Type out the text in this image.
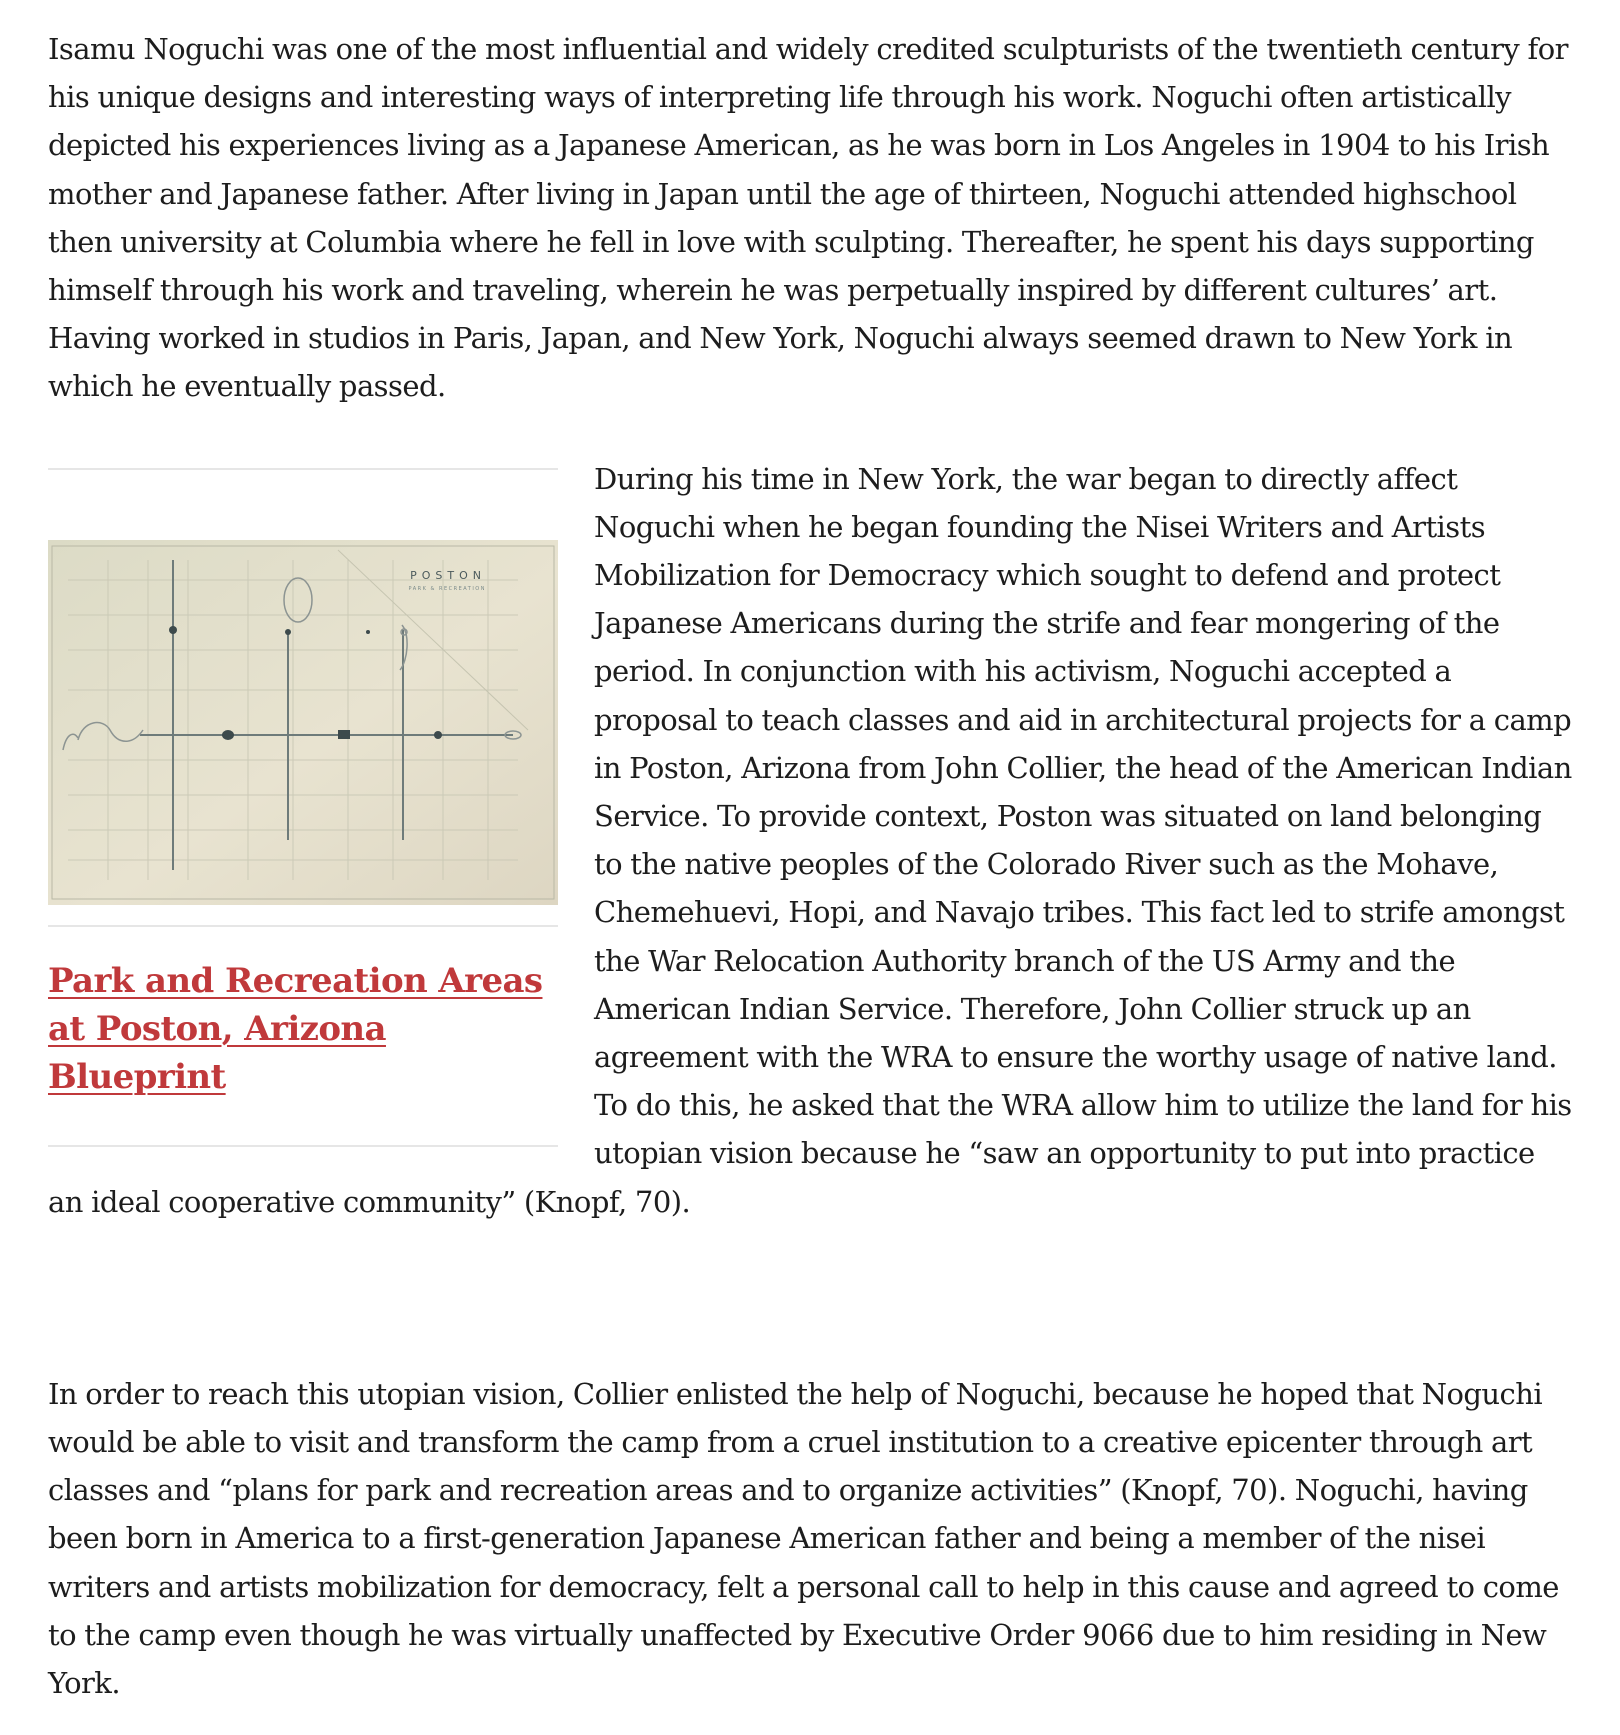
Isamu Noguchi was one of the most influential and widely credited sculpturists of the twentieth century for his unique designs and interesting ways of interpreting life through his work. Noguchi often artistically depicted his experiences living as a Japanese American, as he was born in Los Angeles in 1904 to his Irish mother and Japanese father. After living in Japan until the age of thirteen, Noguchi attended highschool then university at Columbia where he fell in love with sculpting. Thereafter, he spent his days supporting himself through his work and traveling, wherein he was perpetually inspired by different cultures’ art. Having worked in studios in Paris, Japan, and New York, Noguchi always seemed drawn to New York in which he eventually passed.

POSTON
PARK & RECREATION
Park and Recreation Areas at Poston, Arizona Blueprint

During his time in New York, the war began to directly affect Noguchi when he began founding the Nisei Writers and Artists Mobilization for Democracy which sought to defend and protect Japanese Americans during the strife and fear mongering of the period. In conjunction with his activism, Noguchi accepted a proposal to teach classes and aid in architectural projects for a camp in Poston, Arizona from John Collier, the head of the American Indian Service. To provide context, Poston was situated on land belonging to the native peoples of the Colorado River such as the Mohave, Chemehuevi, Hopi, and Navajo tribes. This fact led to strife amongst the War Relocation Authority branch of the US Army and the American Indian Service. Therefore, John Collier struck up an agreement with the WRA to ensure the worthy usage of native land. To do this, he asked that the WRA allow him to utilize the land for his utopian vision because he “saw an opportunity to put into practice an ideal cooperative community” (Knopf, 70).

In order to reach this utopian vision, Collier enlisted the help of Noguchi, because he hoped that Noguchi would be able to visit and transform the camp from a cruel institution to a creative epicenter through art classes and “plans for park and recreation areas and to organize activities” (Knopf, 70). Noguchi, having been born in America to a first-generation Japanese American father and being a member of the nisei writers and artists mobilization for democracy, felt a personal call to help in this cause and agreed to come to the camp even though he was virtually unaffected by Executive Order 9066 due to him residing in New York.
